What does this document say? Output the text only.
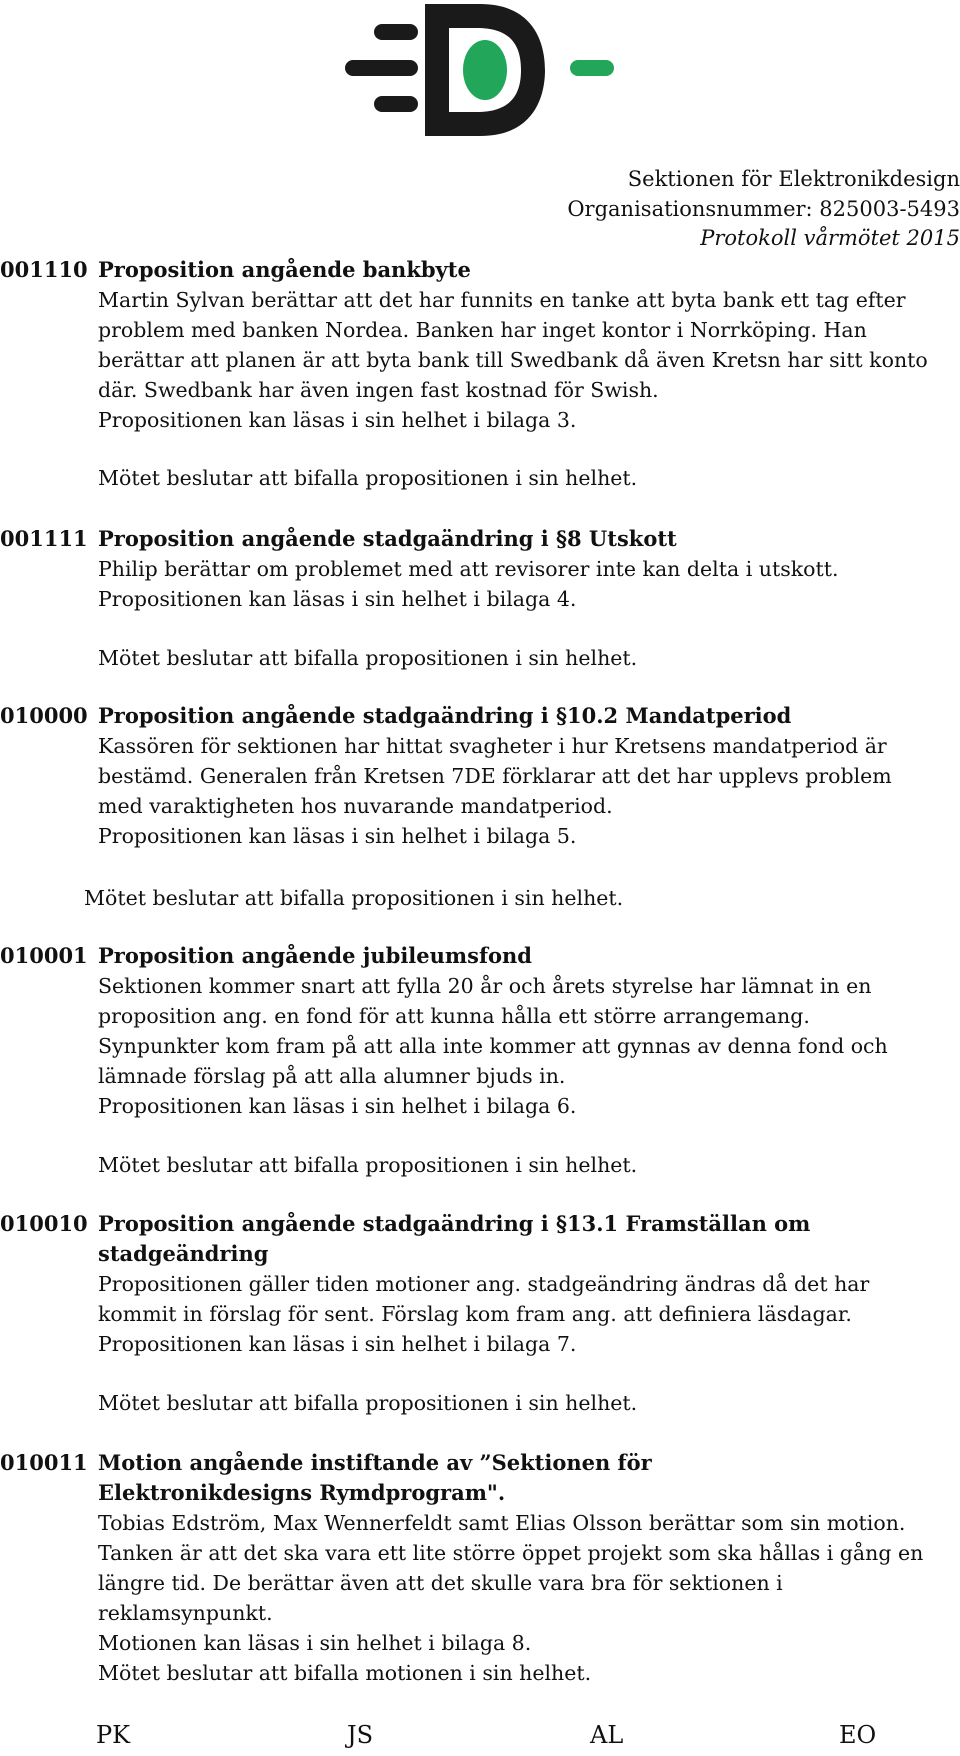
Sektionen för Elektronikdesign
Organisationsnummer: 825003-5493
Protokoll vårmötet 2015
001110 Proposition angående bankbyte

Martin Sylvan berättar att det har funnits en tanke att byta bank ett tag efter

problem med banken Nordea. Banken har inget kontor i Norrköping. Han

berättar att planen är att byta bank till Swedbank då även Kretsn har sitt konto

där. Swedbank har även ingen fast kostnad för Swish.

Propositionen kan läsas i sin helhet i bilaga 3.

Mötet beslutar att bifalla propositionen i sin helhet.
001111 Proposition angående stadgaändring i §8 Utskott

Philip berättar om problemet med att revisorer inte kan delta i utskott.

Propositionen kan läsas i sin helhet i bilaga 4.

Mötet beslutar att bifalla propositionen i sin helhet.
010000 Proposition angående stadgaändring i §10.2 Mandatperiod

Kassören för sektionen har hittat svagheter i hur Kretsens mandatperiod är

bestämd. Generalen från Kretsen 7DE förklarar att det har upplevs problem

med varaktigheten hos nuvarande mandatperiod.

Propositionen kan läsas i sin helhet i bilaga 5.

Mötet beslutar att bifalla propositionen i sin helhet.
010001 Proposition angående jubileumsfond

Sektionen kommer snart att fylla 20 år och årets styrelse har lämnat in en

proposition ang. en fond för att kunna hålla ett större arrangemang.

Synpunkter kom fram på att alla inte kommer att gynnas av denna fond och

lämnade förslag på att alla alumner bjuds in.

Propositionen kan läsas i sin helhet i bilaga 6.

Mötet beslutar att bifalla propositionen i sin helhet.
010010 Proposition angående stadgaändring i §13.1 Framställan om stadgeändring

Propositionen gäller tiden motioner ang. stadgeändring ändras då det har

kommit in förslag för sent. Förslag kom fram ang. att definiera läsdagar.

Propositionen kan läsas i sin helhet i bilaga 7.

Mötet beslutar att bifalla propositionen i sin helhet.
010011 Motion angående instiftande av ”Sektionen för Elektronikdesigns Rymdprogram".

Tobias Edström, Max Wennerfeldt samt Elias Olsson berättar som sin motion.

Tanken är att det ska vara ett lite större öppet projekt som ska hållas i gång en

längre tid. De berättar även att det skulle vara bra för sektionen i

reklamsynpunkt.

Motionen kan läsas i sin helhet i bilaga 8.

Mötet beslutar att bifalla motionen i sin helhet.

PK	JS	AL	EO
